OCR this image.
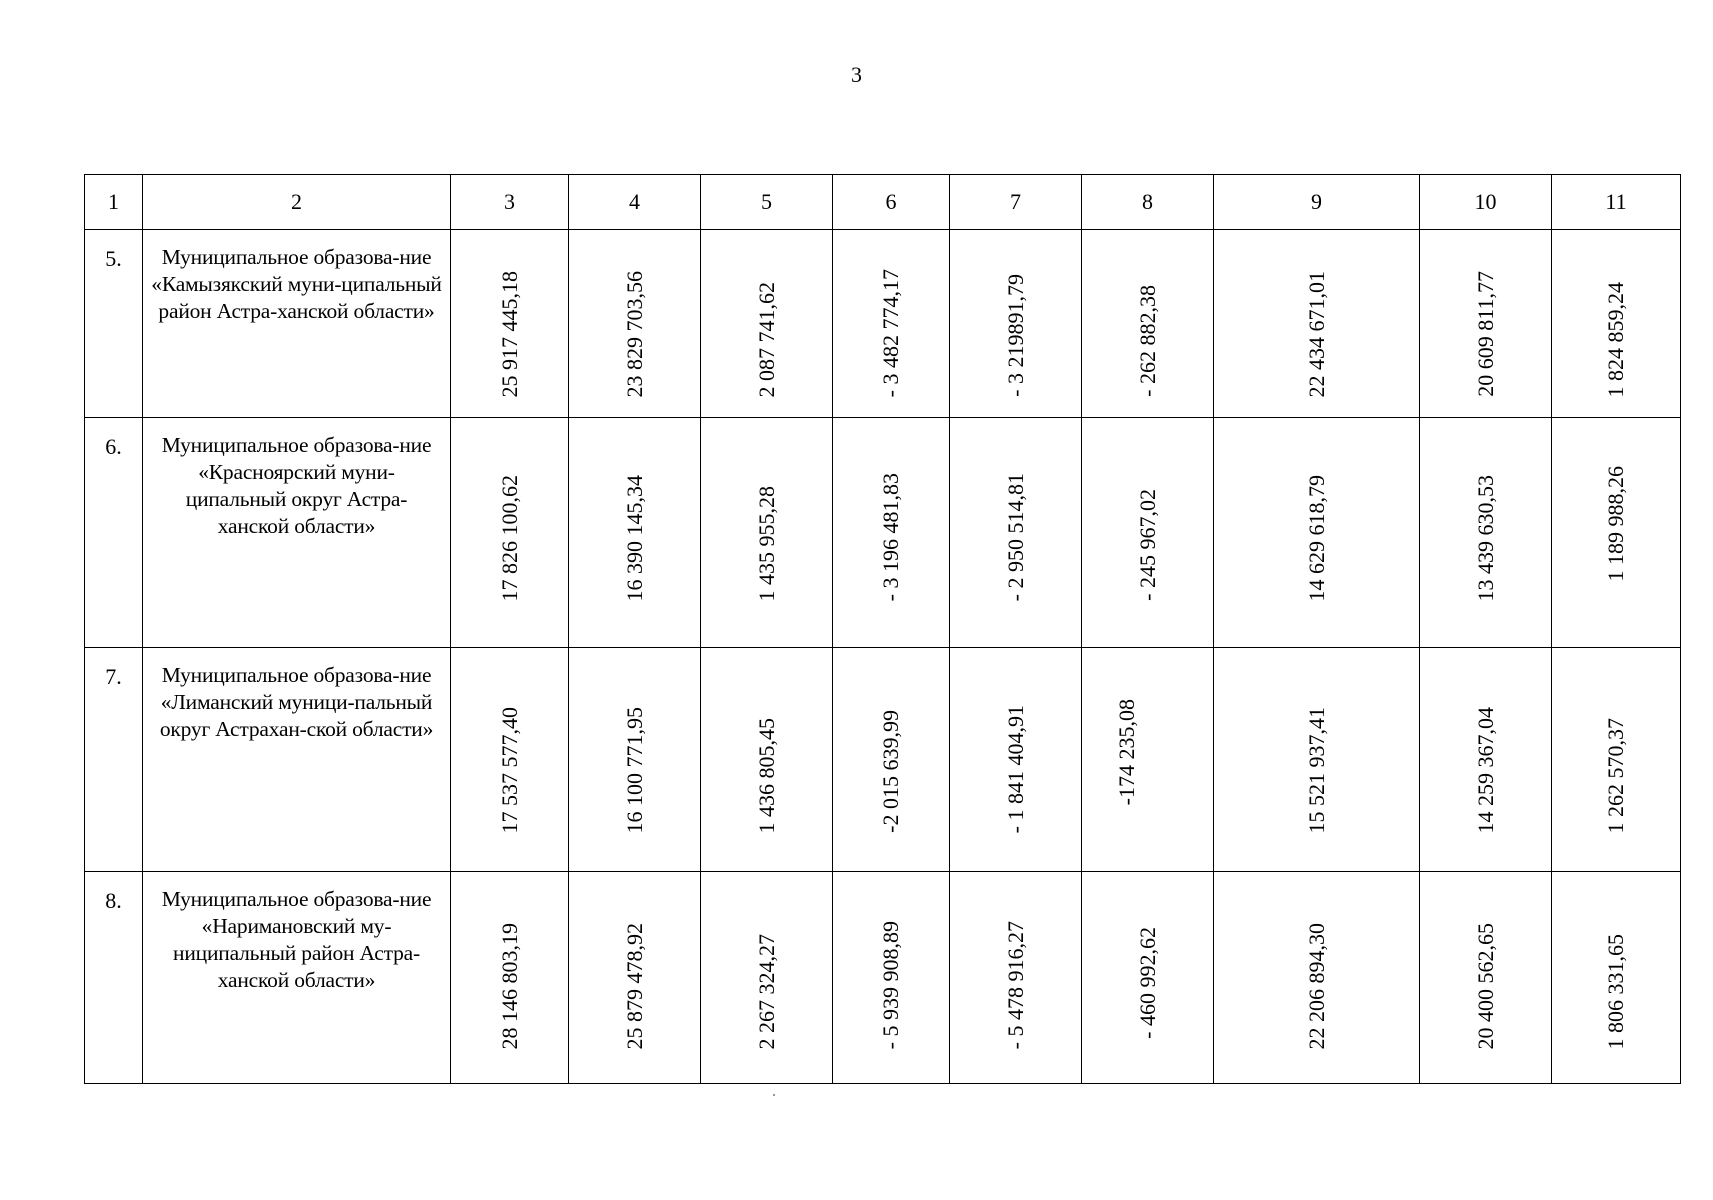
3
1	2	3	4	5	6	7	8	9	10	11
5.	Муниципальное образова-ние «Камызякский муни-ципальный район Астра-ханской области»	25 917 445,18	23 829 703,56	2 087 741,62	- 3 482 774,17	- 3 219891,79	- 262 882,38	22 434 671,01	20 609 811,77	1 824 859,24

6.	Муниципальное образова-ние «Красноярский муни-ципальный округ Астра-ханской области»	17 826 100,62	16 390 145,34	1 435 955,28	- 3 196 481,83	- 2 950 514,81	- 245 967,02	14 629 618,79	13 439 630,53	1 189 988,26

7.	Муниципальное образова-ние «Лиманский муници-пальный округ Астрахан-ской области»	17 537 577,40	16 100 771,95	1 436 805,45	-2 015 639,99	- 1 841 404,91	-174 235,08	15 521 937,41	14 259 367,04	1 262 570,37

8.	Муниципальное образова-ние «Наримановский му-ниципальный район Астра-ханской области»	28 146 803,19	25 879 478,92	2 267 324,27	- 5 939 908,89	- 5 478 916,27	- 460 992,62	22 206 894,30	20 400 562,65	1 806 331,65
